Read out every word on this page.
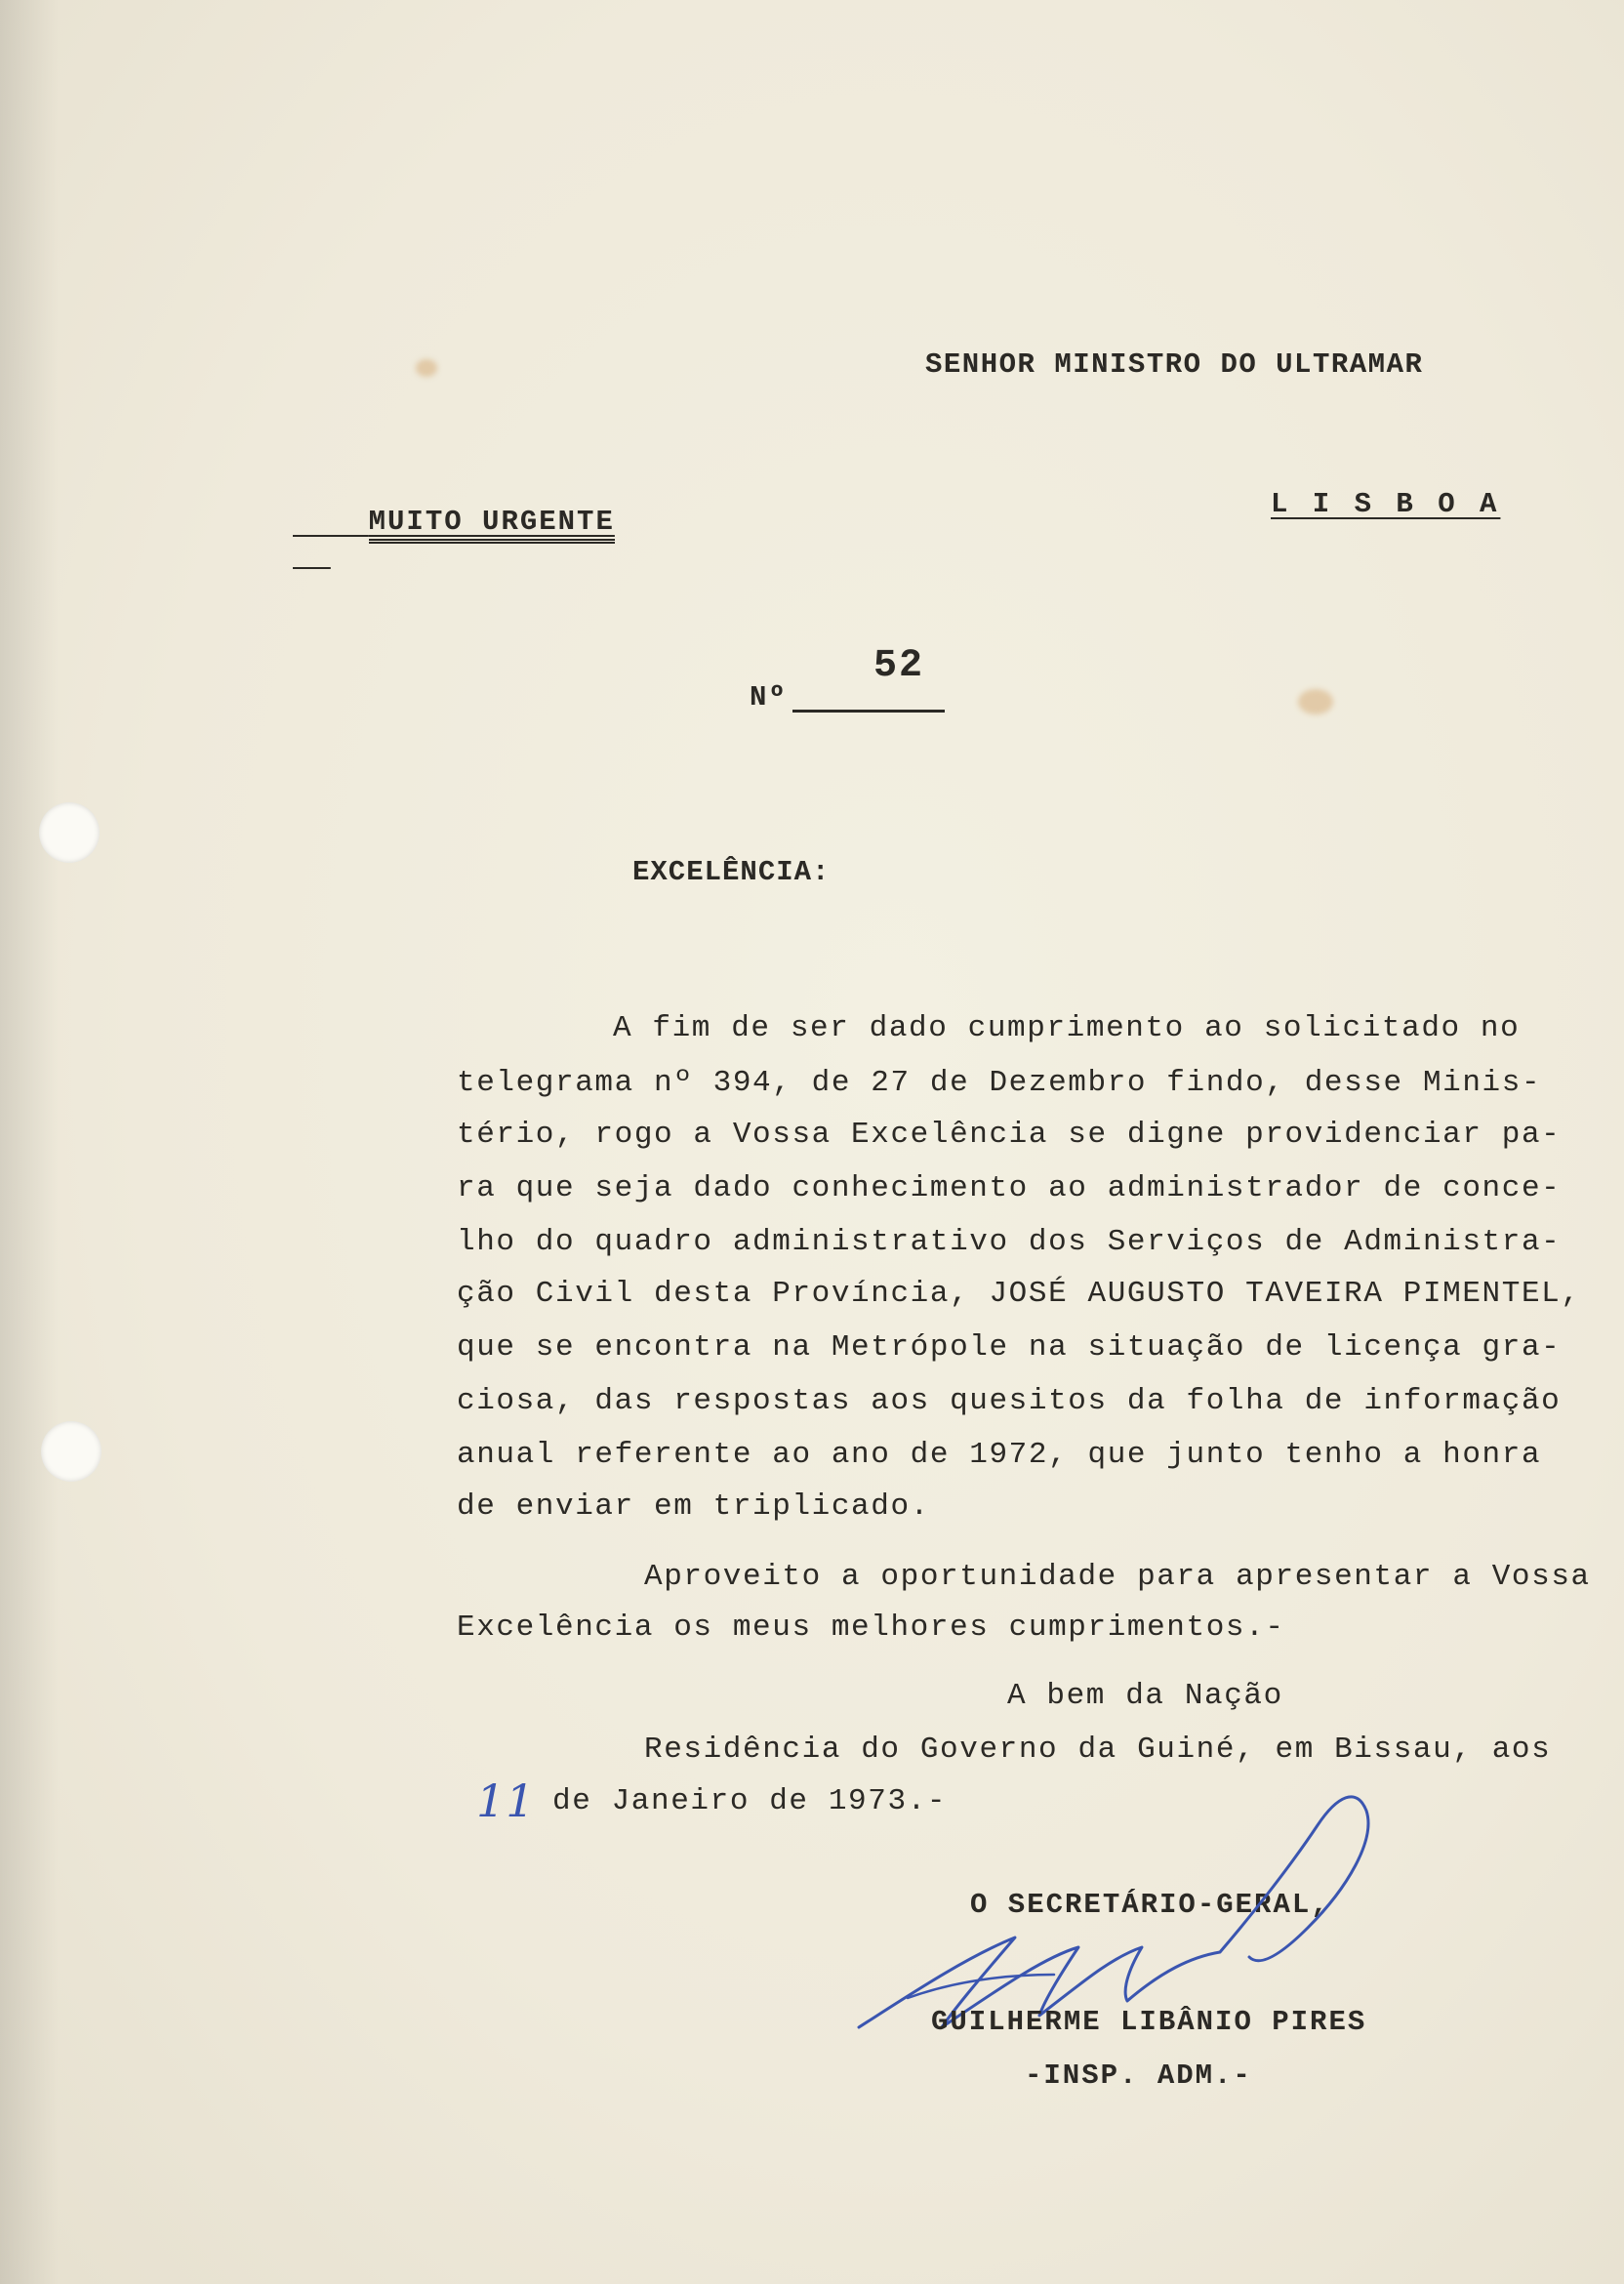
SENHOR MINISTRO DO ULTRAMAR

MUITO URGENTE

L I S B O A
Nº
52
EXCELÊNCIA:
A fim de ser dado cumprimento ao solicitado no
telegrama nº 394, de 27 de Dezembro findo, desse Minis-
tério, rogo a Vossa Excelência se digne providenciar pa-
ra que seja dado conhecimento ao administrador de conce-
lho do quadro administrativo dos Serviços de Administra-
ção Civil desta Província, JOSÉ AUGUSTO TAVEIRA PIMENTEL,
que se encontra na Metrópole na situação de licença gra-
ciosa, das respostas aos quesitos da folha de informação
anual referente ao ano de 1972, que junto tenho a honra
de enviar em triplicado.
Aproveito a oportunidade para apresentar a Vossa
Excelência os meus melhores cumprimentos.-
A bem da Nação
Residência do Governo da Guiné, em Bissau, aos
11 de Janeiro de 1973.-
O SECRETÁRIO-GERAL,
GUILHERME LIBÂNIO PIRES
-INSP. ADM.-
